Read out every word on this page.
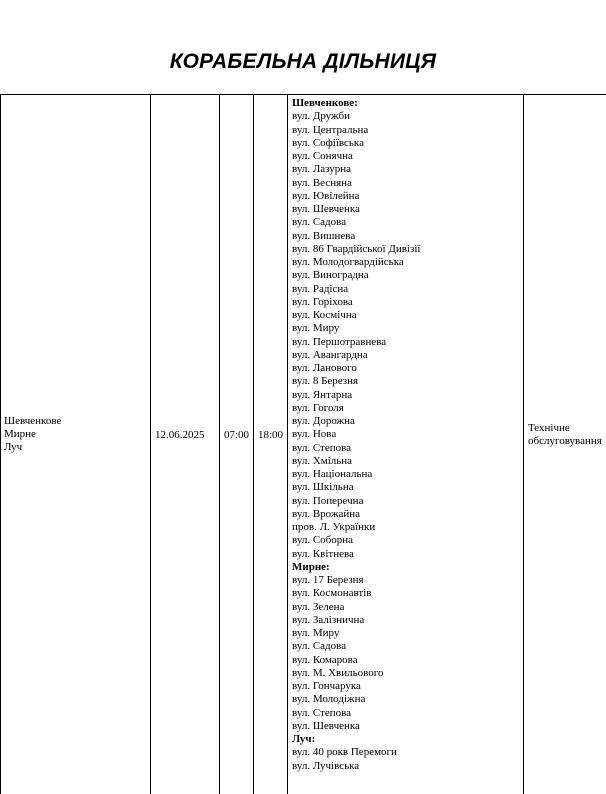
КОРАБЕЛЬНА ДІЛЬНИЦЯ
Шевченкове
Мирне
Луч
12.06.2025 07:00 18:00
Технічне
обслуговування
Шевченкове:
вул. Дружби
вул. Центральна
вул. Софіївська
вул. Сонячна
вул. Лазурна
вул. Весняна
вул. Ювілейна
вул. Шевченка
вул. Садова
вул. Вишнева
вул. 86 Гвардійської Дивізії
вул. Молодогвардійська
вул. Виноградна
вул. Радісна
вул. Горіхова
вул. Космічна
вул. Миру
вул. Першотравнева
вул. Авангардна
вул. Ланового
вул. 8 Березня
вул. Янтарна
вул. Гоголя
вул. Дорожна
вул. Нова
вул. Степова
вул. Хмільна
вул. Національна
вул. Шкільна
вул. Поперечна
вул. Врожайна
пров. Л. Українки
вул. Соборна
вул. Квітнева
Мирне:
вул. 17 Березня
вул. Космонавтів
вул. Зелена
вул. Залізнична
вул. Миру
вул. Садова
вул. Комарова
вул. М. Хвильового
вул. Гончарука
вул. Молодіжна
вул. Степова
вул. Шевченка
Луч:
вул. 40 рокв Перемоги
вул. Лучівська
